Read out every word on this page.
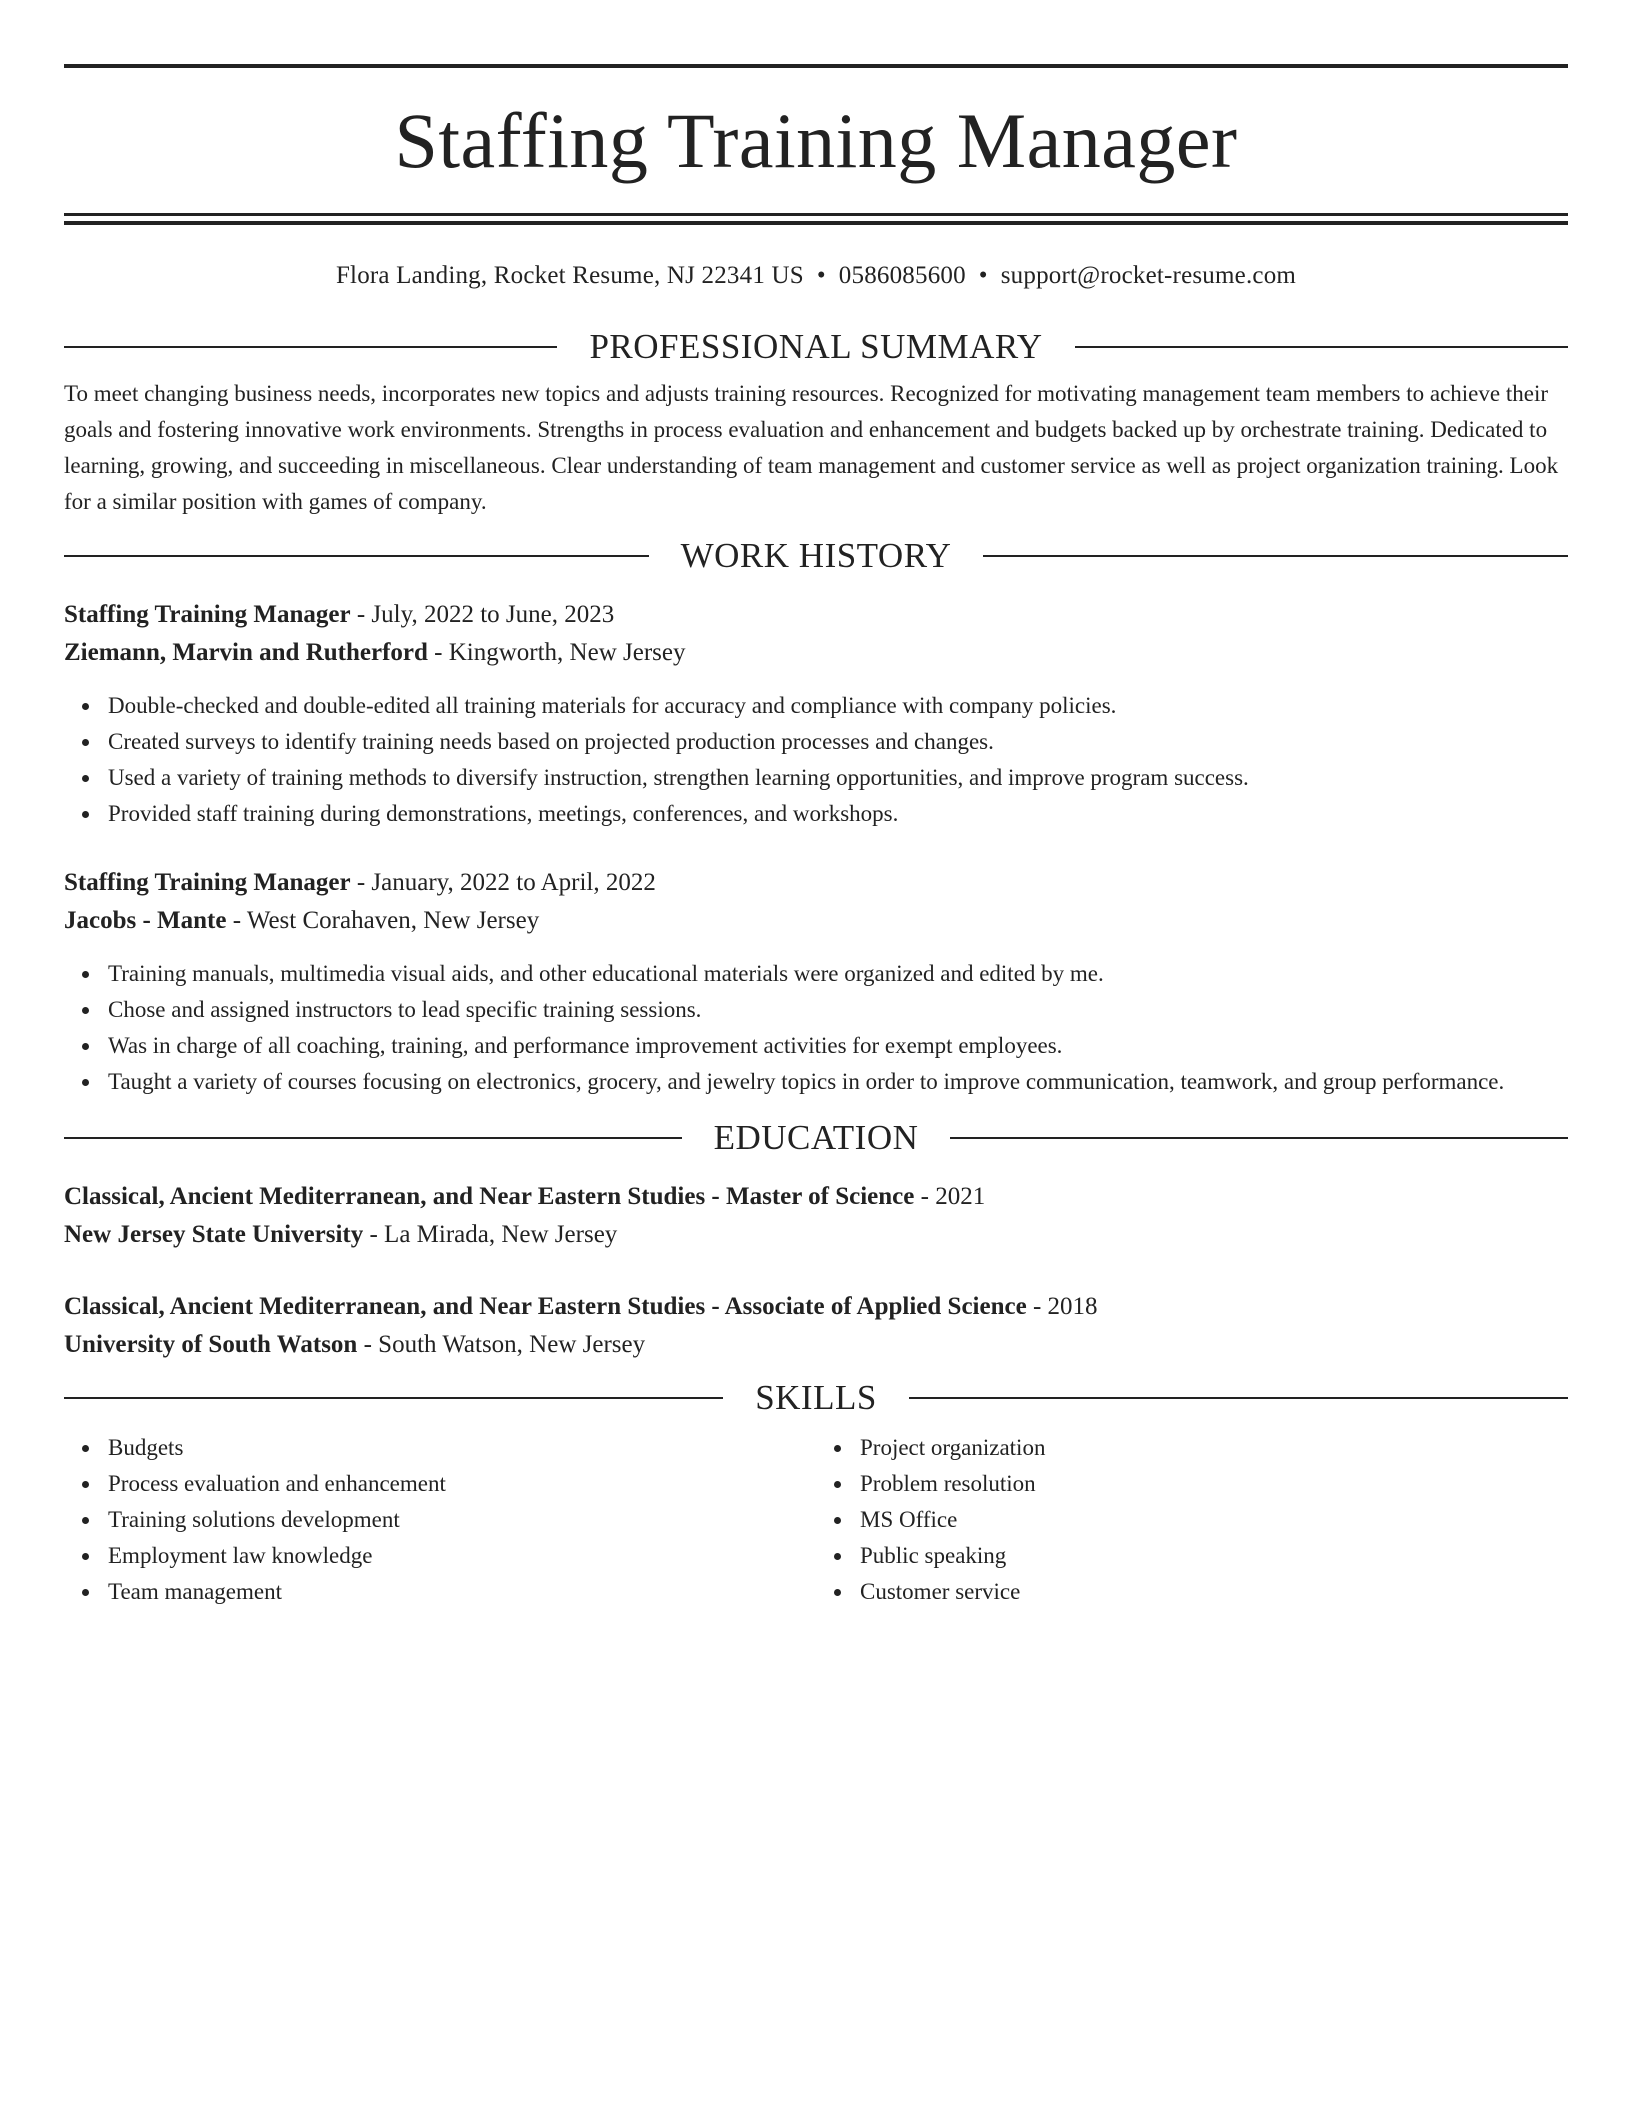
Staffing Training Manager
Flora Landing, Rocket Resume, NJ 22341 US • 0586085600 • support@rocket-resume.com
PROFESSIONAL SUMMARY

To meet changing business needs, incorporates new topics and adjusts training resources. Recognized for motivating management team members to achieve their goals and fostering innovative work environments. Strengths in process evaluation and enhancement and budgets backed up by orchestrate training. Dedicated to learning, growing, and succeeding in miscellaneous. Clear understanding of team management and customer service as well as project organization training. Look for a similar position with games of company.

WORK HISTORY
Staffing Training Manager - July, 2022 to June, 2023
Ziemann, Marvin and Rutherford - Kingworth, New Jersey
Double-checked and double-edited all training materials for accuracy and compliance with company policies.
Created surveys to identify training needs based on projected production processes and changes.
Used a variety of training methods to diversify instruction, strengthen learning opportunities, and improve program success.
Provided staff training during demonstrations, meetings, conferences, and workshops.
Staffing Training Manager - January, 2022 to April, 2022
Jacobs - Mante - West Corahaven, New Jersey
Training manuals, multimedia visual aids, and other educational materials were organized and edited by me.
Chose and assigned instructors to lead specific training sessions.
Was in charge of all coaching, training, and performance improvement activities for exempt employees.
Taught a variety of courses focusing on electronics, grocery, and jewelry topics in order to improve communication, teamwork, and group performance.
EDUCATION
Classical, Ancient Mediterranean, and Near Eastern Studies - Master of Science - 2021
New Jersey State University - La Mirada, New Jersey
Classical, Ancient Mediterranean, and Near Eastern Studies - Associate of Applied Science - 2018
University of South Watson - South Watson, New Jersey
SKILLS
Budgets
Process evaluation and enhancement
Training solutions development
Employment law knowledge
Team management
Project organization
Problem resolution
MS Office
Public speaking
Customer service
